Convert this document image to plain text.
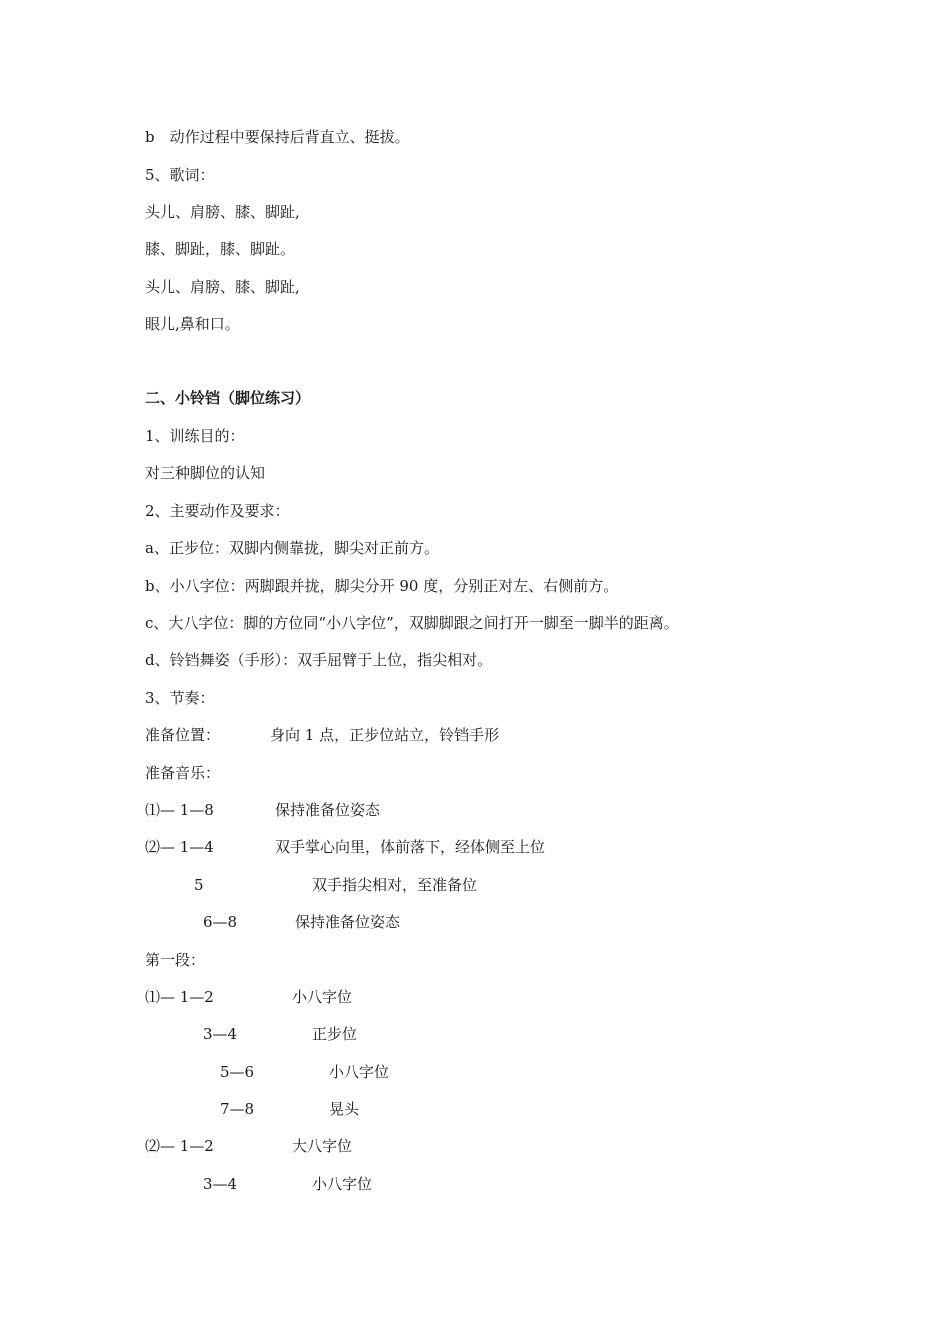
b　动作过程中要保持后背直立、挺拔。
5、歌词：
头儿、肩膀、膝、脚趾,
膝、脚趾，膝、脚趾。
头儿、肩膀、膝、脚趾,
眼儿,鼻和口。
二、小铃铛（脚位练习）
1、训练目的：
对三种脚位的认知
2、主要动作及要求：
a、正步位：双脚内侧靠拢，脚尖对正前方。
b、小八字位：两脚跟并拢，脚尖分开 90 度，分别正对左、右侧前方。
c、大八字位：脚的方位同“小八字位”，双脚脚跟之间打开一脚至一脚半的距离。
d、铃铛舞姿（手形）：双手屈臂于上位，指尖相对。
3、节奏：
准备位置：	身向 1 点，正步位站立，铃铛手形
准备音乐：
⑴— 1—8	保持准备位姿态
⑵— 1—4	双手掌心向里，体前落下，经体侧至上位
5	双手指尖相对，至准备位
6—8	保持准备位姿态
第一段：
⑴— 1—2	小八字位
3—4	正步位
5—6	小八字位
7—8	晃头
⑵— 1—2	大八字位
3—4	小八字位
